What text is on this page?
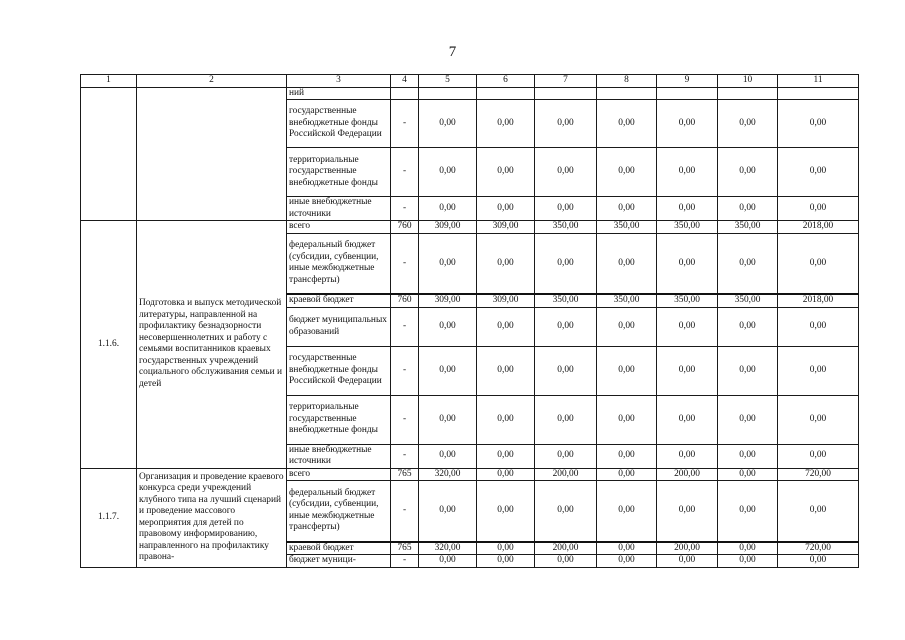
7
1	2	3	4	5	6	7	8	9	10	11
		ний								
		государственные внебюджетные фонды Российской Федерации	-	0,00	0,00	0,00	0,00	0,00	0,00	0,00
		территориальные государственные внебюджетные фонды	-	0,00	0,00	0,00	0,00	0,00	0,00	0,00
		иные внебюджетные источники	-	0,00	0,00	0,00	0,00	0,00	0,00	0,00
1.1.6.	Подготовка и выпуск методической литературы, направленной на профилактику безнадзорности несовершеннолетних и работу с семьями воспитанников краевых государственных учреждений социального обслуживания семьи и детей	всего	760	309,00	309,00	350,00	350,00	350,00	350,00	2018,00
		федеральный бюджет (субсидии, субвенции, иные межбюджетные трансферты)	-	0,00	0,00	0,00	0,00	0,00	0,00	0,00
		краевой бюджет	760	309,00	309,00	350,00	350,00	350,00	350,00	2018,00
		бюджет муниципальных образований	-	0,00	0,00	0,00	0,00	0,00	0,00	0,00
		государственные внебюджетные фонды Российской Федерации	-	0,00	0,00	0,00	0,00	0,00	0,00	0,00
		территориальные государственные внебюджетные фонды	-	0,00	0,00	0,00	0,00	0,00	0,00	0,00
		иные внебюджетные источники	-	0,00	0,00	0,00	0,00	0,00	0,00	0,00
1.1.7.	Организация и проведение краевого конкурса среди учреждений клубного типа на лучший сценарий и проведение массового мероприятия для детей по правовому информированию, направленного на профилактику правона-	всего	765	320,00	0,00	200,00	0,00	200,00	0,00	720,00
		федеральный бюджет (субсидии, субвенции, иные межбюджетные трансферты)	-	0,00	0,00	0,00	0,00	0,00	0,00	0,00
		краевой бюджет	765	320,00	0,00	200,00	0,00	200,00	0,00	720,00
		бюджет муници-	-	0,00	0,00	0,00	0,00	0,00	0,00	0,00
